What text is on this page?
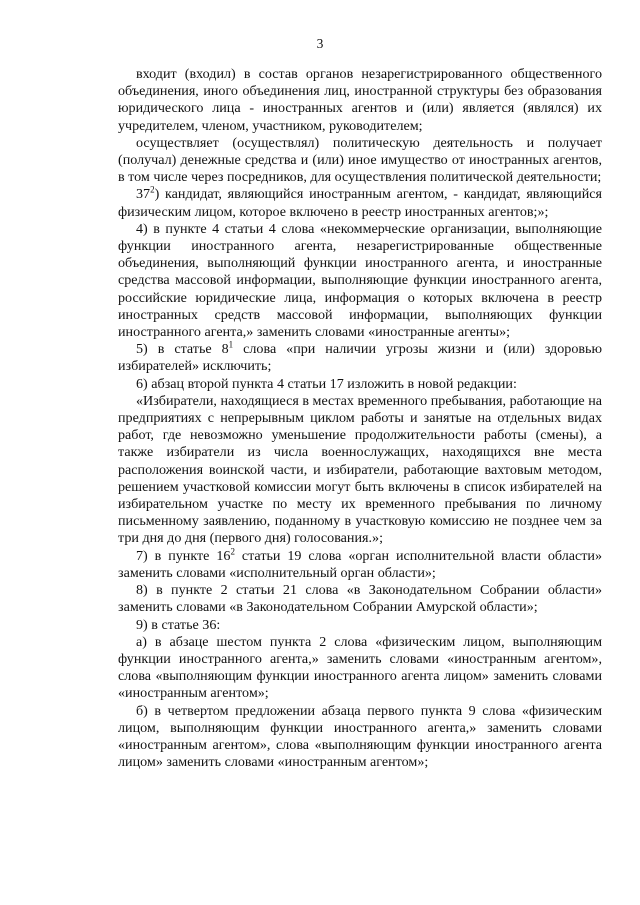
3

входит (входил) в состав органов незарегистрированного общественного объединения, иного объединения лиц, иностранной структуры без образования юридического лица - иностранных агентов и (или) является (являлся) их учредителем, членом, участником, руководителем;

осуществляет (осуществлял) политическую деятельность и получает (получал) денежные средства и (или) иное имущество от иностранных агентов, в том числе через посредников, для осуществления политической деятельности;

$37^2$) кандидат, являющийся иностранным агентом, - кандидат, являющийся физическим лицом, которое включено в реестр иностранных агентов;»;

4) в пункте 4 статьи 4 слова «некоммерческие организации, выполняющие функции иностранного агента, незарегистрированные общественные объединения, выполняющий функции иностранного агента, и иностранные средства массовой информации, выполняющие функции иностранного агента, российские юридические лица, информация о которых включена в реестр иностранных средств массовой информации, выполняющих функции иностранного агента,» заменить словами «иностранные агенты»;

5) в статье $8^1$ слова «при наличии угрозы жизни и (или) здоровью избирателей» исключить;

6) абзац второй пункта 4 статьи 17 изложить в новой редакции:

«Избиратели, находящиеся в местах временного пребывания, работающие на предприятиях с непрерывным циклом работы и занятые на отдельных видах работ, где невозможно уменьшение продолжительности работы (смены), а также избиратели из числа военнослужащих, находящихся вне места расположения воинской части, и избиратели, работающие вахтовым методом, решением участковой комиссии могут быть включены в список избирателей на избирательном участке по месту их временного пребывания по личному письменному заявлению, поданному в участковую комиссию не позднее чем за три дня до дня (первого дня) голосования.»;

7) в пункте $16^2$ статьи 19 слова «орган исполнительной власти области» заменить словами «исполнительный орган области»;

8) в пункте 2 статьи 21 слова «в Законодательном Собрании области» заменить словами «в Законодательном Собрании Амурской области»;

9) в статье 36:

а) в абзаце шестом пункта 2 слова «физическим лицом, выполняющим функции иностранного агента,» заменить словами «иностранным агентом», слова «выполняющим функции иностранного агента лицом» заменить словами «иностранным агентом»;

б) в четвертом предложении абзаца первого пункта 9 слова «физическим лицом, выполняющим функции иностранного агента,» заменить словами «иностранным агентом», слова «выполняющим функции иностранного агента лицом» заменить словами «иностранным агентом»;
